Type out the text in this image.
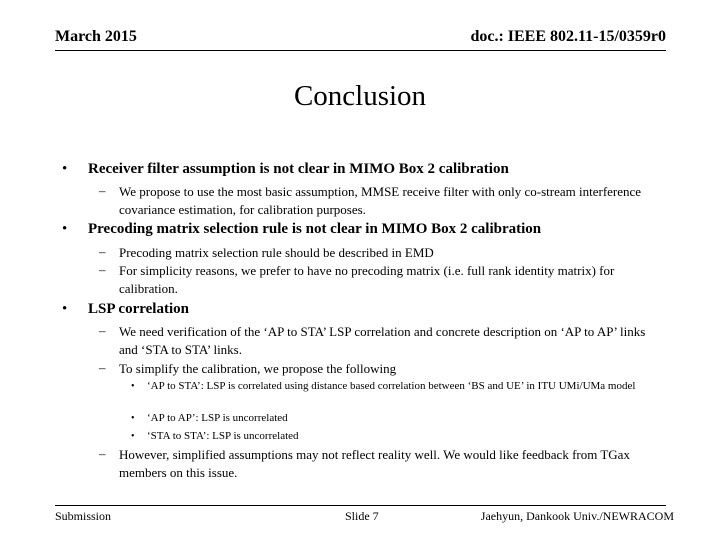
March 2015	doc.: IEEE 802.11-15/0359r0
Conclusion
• Receiver filter assumption is not clear in MIMO Box 2 calibration
– We propose to use the most basic assumption, MMSE receive filter with only co-stream interference covariance estimation, for calibration purposes.
• Precoding matrix selection rule is not clear in MIMO Box 2 calibration
– Precoding matrix selection rule should be described in EMD
– For simplicity reasons, we prefer to have no precoding matrix (i.e. full rank identity matrix) for calibration.
• LSP correlation
– We need verification of the ‘AP to STA’ LSP correlation and concrete description on ‘AP to AP’ links and ‘STA to STA’ links.
– To simplify the calibration, we propose the following
• ‘AP to STA’: LSP is correlated using distance based correlation between ‘BS and UE’ in ITU UMi/UMa model
• ‘AP to AP’: LSP is uncorrelated
• ‘STA to STA’: LSP is uncorrelated
– However, simplified assumptions may not reflect reality well. We would like feedback from TGax members on this issue.
Submission	Slide 7	Jaehyun, Dankook Univ./NEWRACOM
